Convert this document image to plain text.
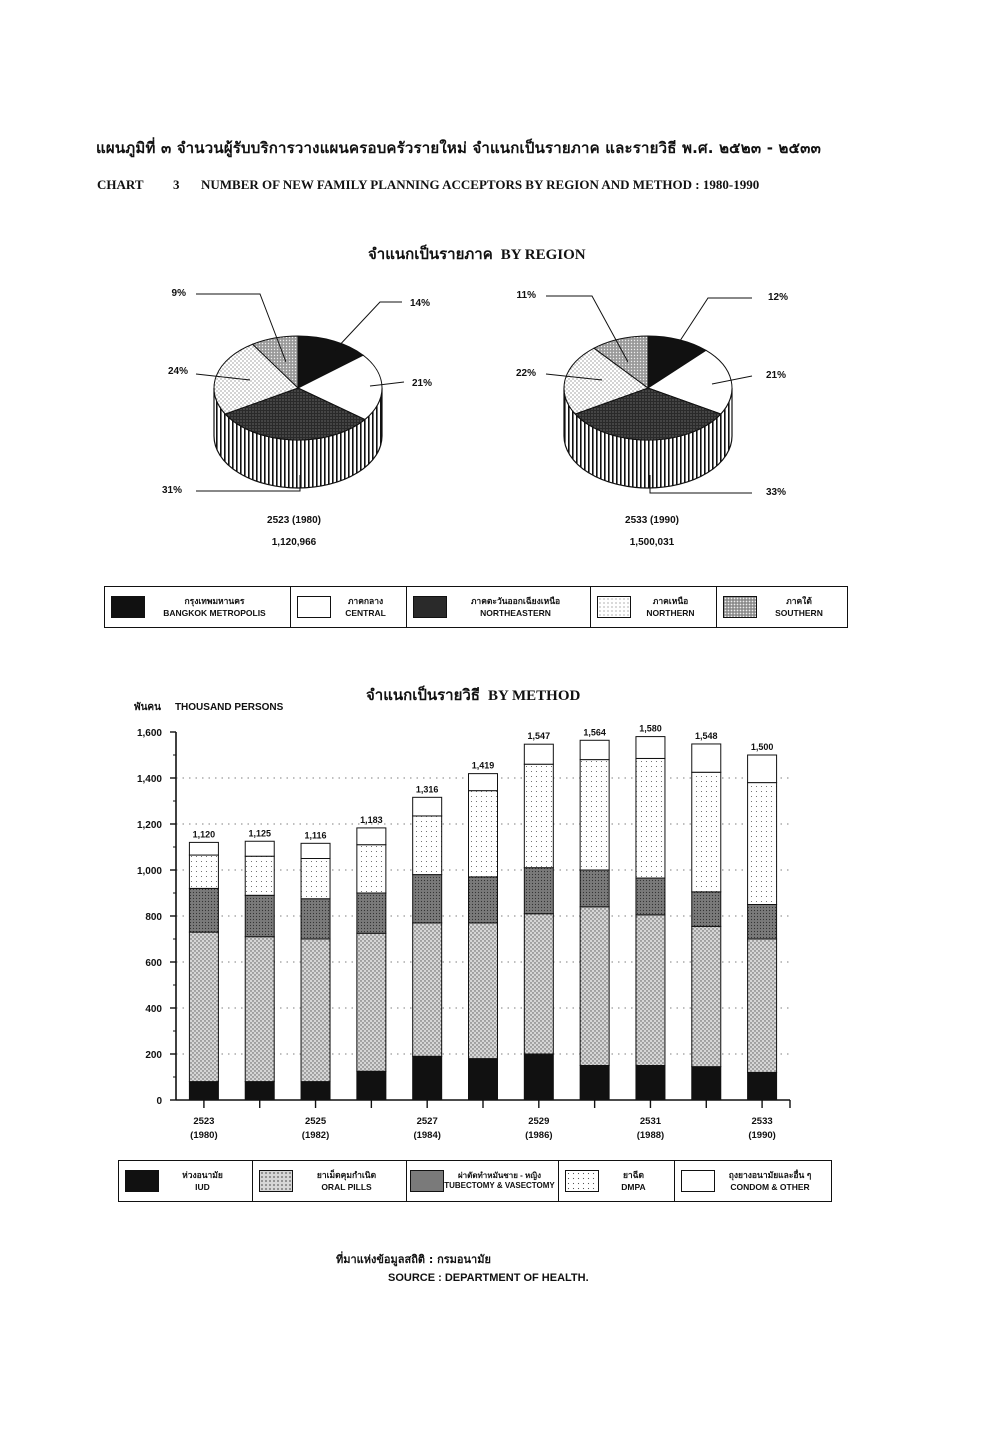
แผนภูมิที่ ๓ จำนวนผู้รับบริการวางแผนครอบครัวรายใหม่ จำแนกเป็นรายภาค และรายวิธี พ.ศ. ๒๕๒๓ - ๒๕๓๓
CHART 3 NUMBER OF NEW FAMILY PLANNING ACCEPTORS BY REGION AND METHOD : 1980-1990
จำแนกเป็นรายภาค BY REGION
14%
21%
31%
24%
9%	12%
21%
33%
22%
11%
2523 (1980)
1,120,966
2533 (1990)
1,500,031
กรุงเทพมหานคร
BANGKOK METROPOLIS
ภาคกลาง
CENTRAL
ภาคตะวันออกเฉียงเหนือ
NORTHEASTERN
ภาคเหนือ
NORTHERN
ภาคใต้
SOUTHERN
จำแนกเป็นรายวิธี BY METHOD
พันคน THOUSAND PERSONS
0
200
400
600
800
1,000
1,200
1,400
1,600
1,120	1,125	1,116
1,183
1,316
1,419
1,547	1,564	1,580
1,548
1,500
2523
(1980)
2525
(1982)
2527
(1984)
2529
(1986)
2531
(1988)
2533
(1990)
ห่วงอนามัย
IUD
ยาเม็ดคุมกำเนิด
ORAL PILLS
ผ่าตัดทำหมันชาย - หญิง
TUBECTOMY & VASECTOMY
ยาฉีด
DMPA
ถุงยางอนามัยและอื่น ๆ
CONDOM & OTHER
ที่มาแห่งข้อมูลสถิติ : กรมอนามัย
SOURCE : DEPARTMENT OF HEALTH.
